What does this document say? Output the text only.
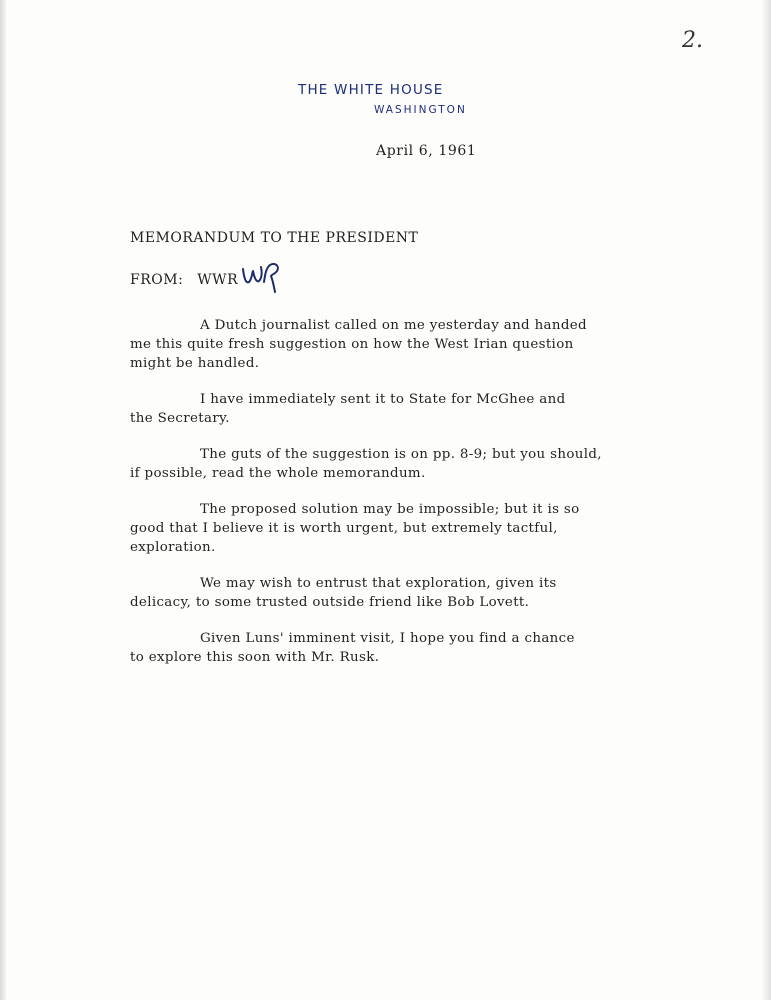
2.
THE WHITE HOUSE
WASHINGTON
April 6, 1961
MEMORANDUM TO THE PRESIDENT
FROM: WWR

A Dutch journalist called on me yesterday and handed
me this quite fresh suggestion on how the West Irian question
might be handled.

I have immediately sent it to State for McGhee and
the Secretary.

The guts of the suggestion is on pp. 8-9; but you should,
if possible, read the whole memorandum.

The proposed solution may be impossible; but it is so
good that I believe it is worth urgent, but extremely tactful,
exploration.

We may wish to entrust that exploration, given its
delicacy, to some trusted outside friend like Bob Lovett.

Given Luns' imminent visit, I hope you find a chance
to explore this soon with Mr. Rusk.
